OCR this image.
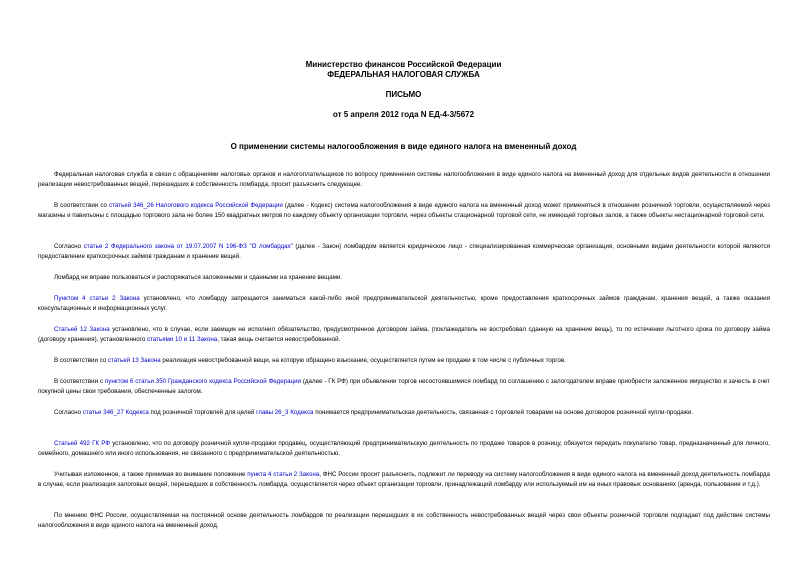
Министерство финансов Российской Федерации
ФЕДЕРАЛЬНАЯ НАЛОГОВАЯ СЛУЖБА
ПИСЬМО
от 5 апреля 2012 года N ЕД-4-3/5672
О применении системы налогообложения в виде единого налога на вмененный доход

Федеральная налоговая служба в связи с обращениями налоговых органов и налогоплательщиков по вопросу применения системы налогообложения в виде единого налога на вмененный доход для отдельных видов деятельности в отношении реализации невостребованных вещей, перешедших в собственность ломбарда, просит разъяснить следующее.

В соответствии со статьей 346_26 Налогового кодекса Российской Федерации (далее - Кодекс) система налогообложения в виде единого налога на вмененный доход может применяться в отношении розничной торговли, осуществляемой через магазины и павильоны с площадью торгового зала не более 150 квадратных метров по каждому объекту организации торговли, через объекты стационарной торговой сети, не имеющей торговых залов, а также объекты нестационарной торговой сети.

Согласно статье 2 Федерального закона от 19.07.2007 N 196-ФЗ "О ломбардах" (далее - Закон) ломбардом является юридическое лицо - специализированная коммерческая организация, основными видами деятельности которой являются предоставление краткосрочных займов гражданам и хранение вещей.

Ломбард не вправе пользоваться и распоряжаться заложенными и сданными на хранение вещами.

Пунктом 4 статьи 2 Закона установлено, что ломбарду запрещается заниматься какой-либо иной предпринимательской деятельностью, кроме предоставления краткосрочных займов гражданам, хранения вещей, а также оказания консультационных и информационных услуг.

Статьей 12 Закона установлено, что в случае, если заемщик не исполнил обязательство, предусмотренное договором займа, (поклажедатель не востребовал сданную на хранение вещь), то по истечении льготного срока по договору займа (договору хранения), установленного статьями 10 и 11 Закона, такая вещь считается невостребованной.

В соответствии со статьей 13 Закона реализация невостребованной вещи, на которую обращено взыскание, осуществляется путем ее продажи в том числе с публичных торгов.

В соответствии с пунктом 6 статьи 350 Гражданского кодекса Российской Федерации (далее - ГК РФ) при объявлении торгов несостоявшимися ломбард по соглашению с залогодателем вправе приобрести заложенное имущество и зачесть в счет покупной цены свои требования, обеспеченные залогом.

Согласно статье 346_27 Кодекса под розничной торговлей для целей главы 26_3 Кодекса понимается предпринимательская деятельность, связанная с торговлей товарами на основе договоров розничной купли-продажи.

Статьей 492 ГК РФ установлено, что по договору розничной купли-продажи продавец, осуществляющий предпринимательскую деятельность по продаже товаров в розницу, обязуется передать покупателю товар, предназначенный для личного, семейного, домашнего или иного использования, не связанного с предпринимательской деятельностью.

Учитывая изложенное, а также принимая во внимание положение пункта 4 статьи 2 Закона, ФНС России просит разъяснить, подлежит ли переводу на систему налогообложения в виде единого налога на вмененный доход деятельность ломбарда в случае, если реализация залоговых вещей, перешедших в собственность ломбарда, осуществляется через объект организации торговли, принадлежащий ломбарду или используемый им на иных правовых основаниях (аренда, пользование и т.д.).

По мнению ФНС России, осуществляемая на постоянной основе деятельность ломбардов по реализации перешедших в их собственность невостребованных вещей через свои объекты розничной торговли подпадает под действие системы налогообложения в виде единого налога на вмененный доход.
